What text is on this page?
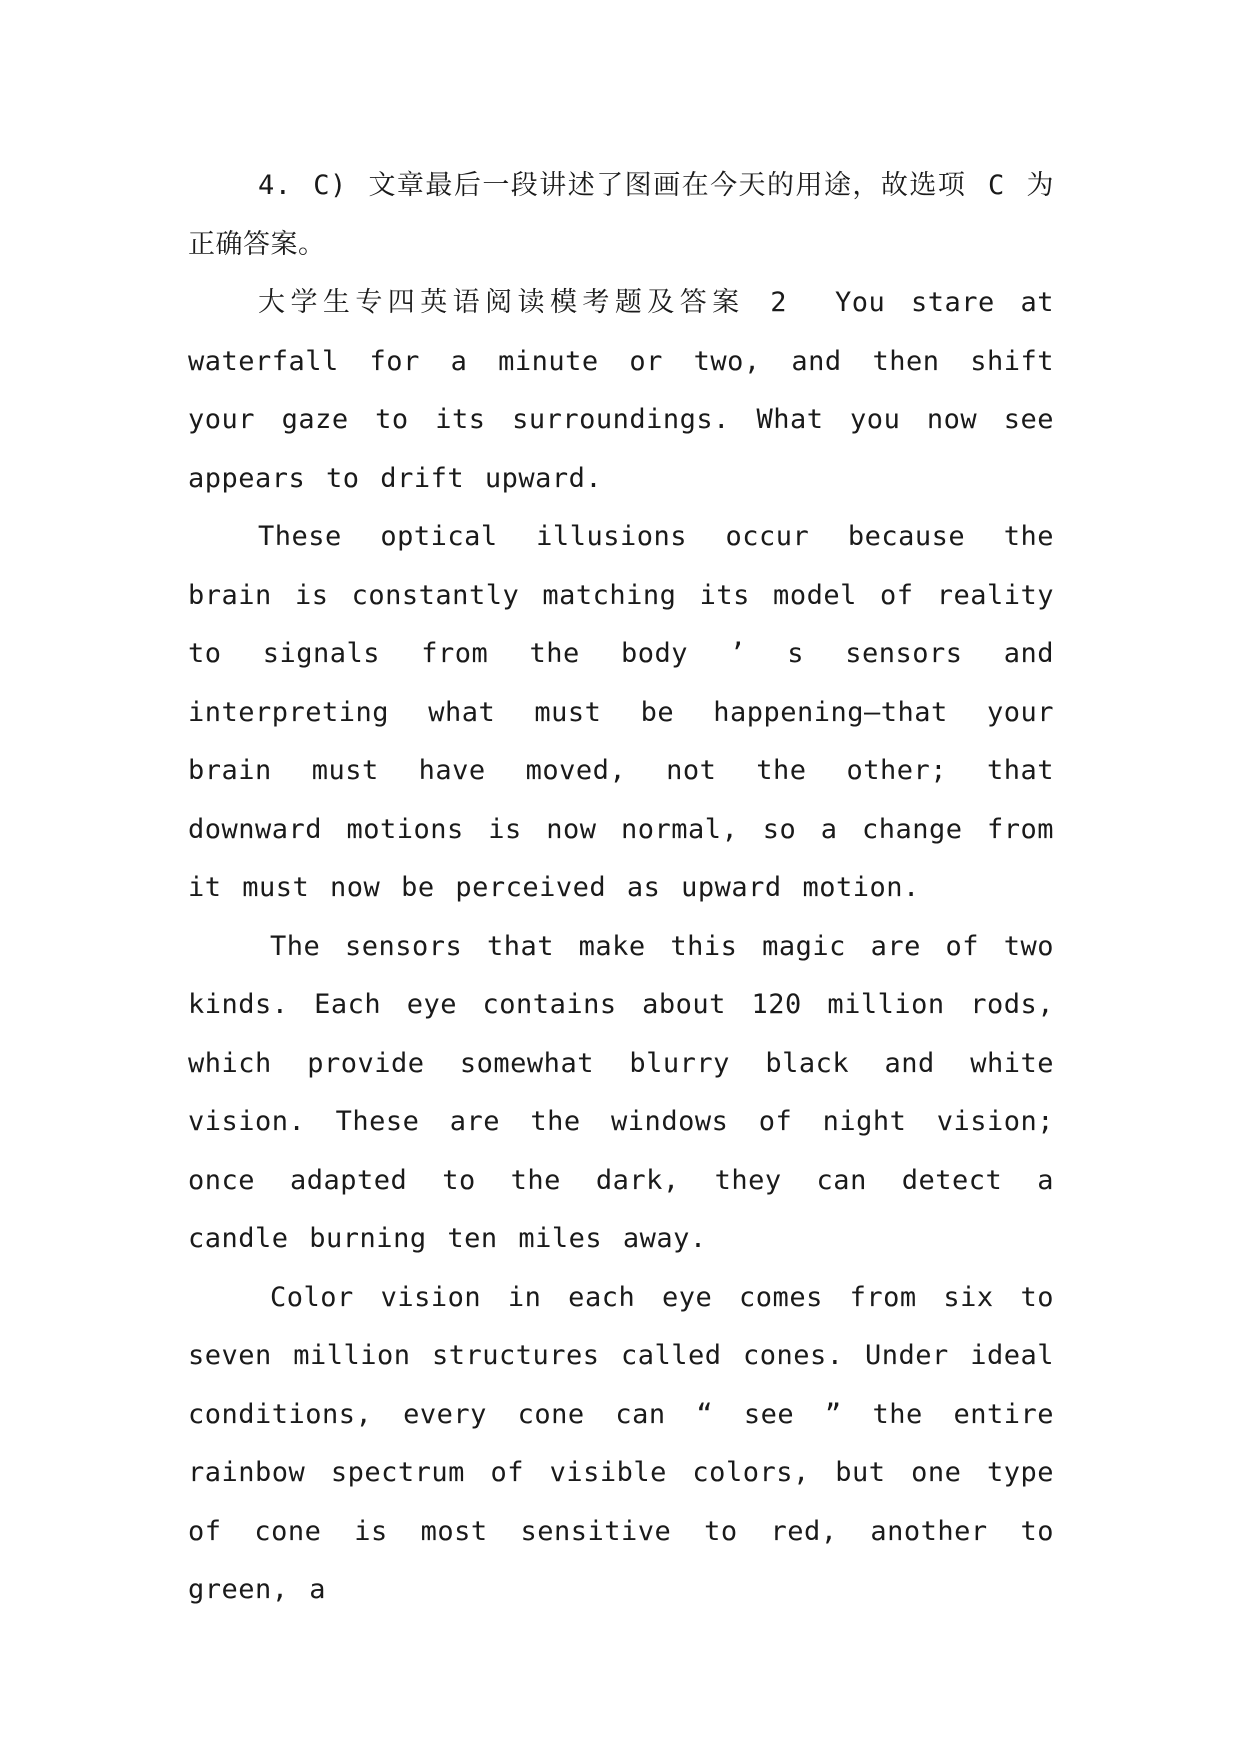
4. C) 文章最后一段讲述了图画在今天的用途，故选项 C 为正确答案。

大学生专四英语阅读模考题及答案 2 You stare at waterfall for a minute or two, and then shift your gaze to its surroundings. What you now see appears to drift upward.

These optical illusions occur because the brain is constantly matching its model of reality to signals from the body ’ s sensors and interpreting what must be happening—that your brain must have moved, not the other; that downward motions is now normal, so a change from it must now be perceived as upward motion.

The sensors that make this magic are of two kinds. Each eye contains about 120 million rods, which provide somewhat blurry black and white vision. These are the windows of night vision; once adapted to the dark, they can detect a candle burning ten miles away.

Color vision in each eye comes from six to seven million structures called cones. Under ideal conditions, every cone can “ see ” the entire rainbow spectrum of visible colors, but one type of cone is most sensitive to red, another to green, a
